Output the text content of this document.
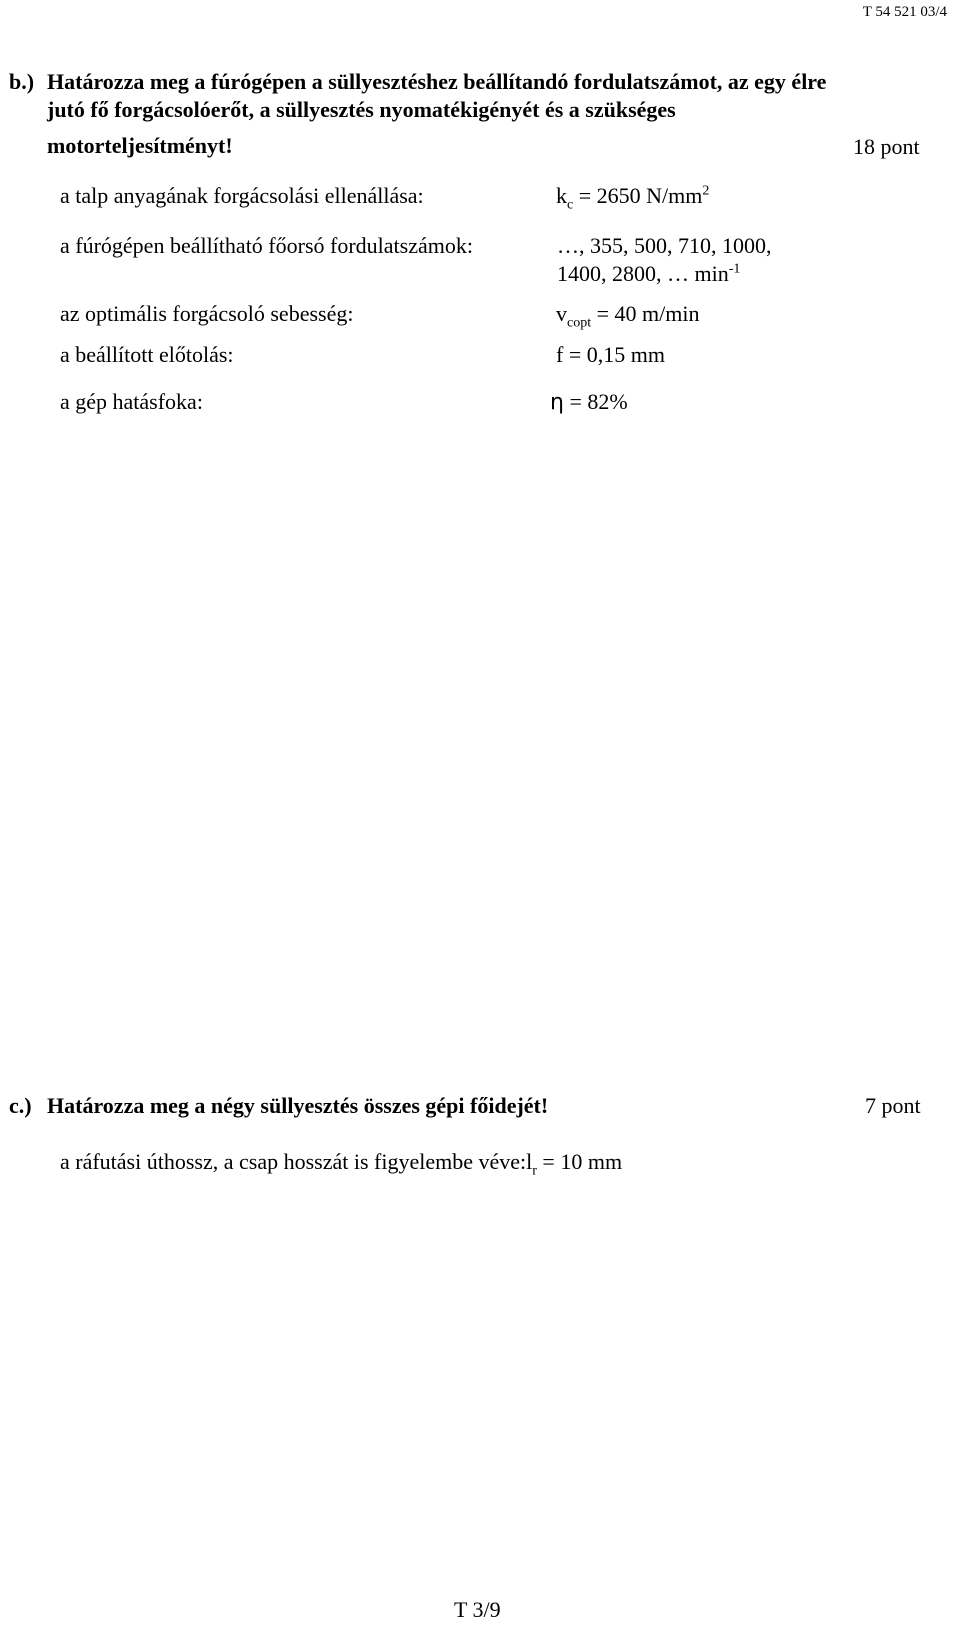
T 54 521 03/4
b.) Határozza meg a fúrógépen a süllyesztéshez beállítandó fordulatszámot, az egy élre
jutó fő forgácsolóerőt, a süllyesztés nyomatékigényét és a szükséges
motorteljesítményt!	18 pont
a talp anyagának forgácsolási ellenállása:	$k_c = 2650$ $N/mm^2$
a fúrógépen beállítható főorsó fordulatszámok:	…, 355, 500, 710, 1000,
1400, 2800, … $\min^{-1}$
az optimális forgácsoló sebesség:	$v_{copt} = 40$ m/min
a beállított előtolás:	f = 0,15 mm
a gép hatásfoka:	η = 82%
c.) Határozza meg a négy süllyesztés összes gépi főidejét!	7 pont
a ráfutási úthossz, a csap hosszát is figyelembe $véve:l_r = 10$ mm
T 3/9
